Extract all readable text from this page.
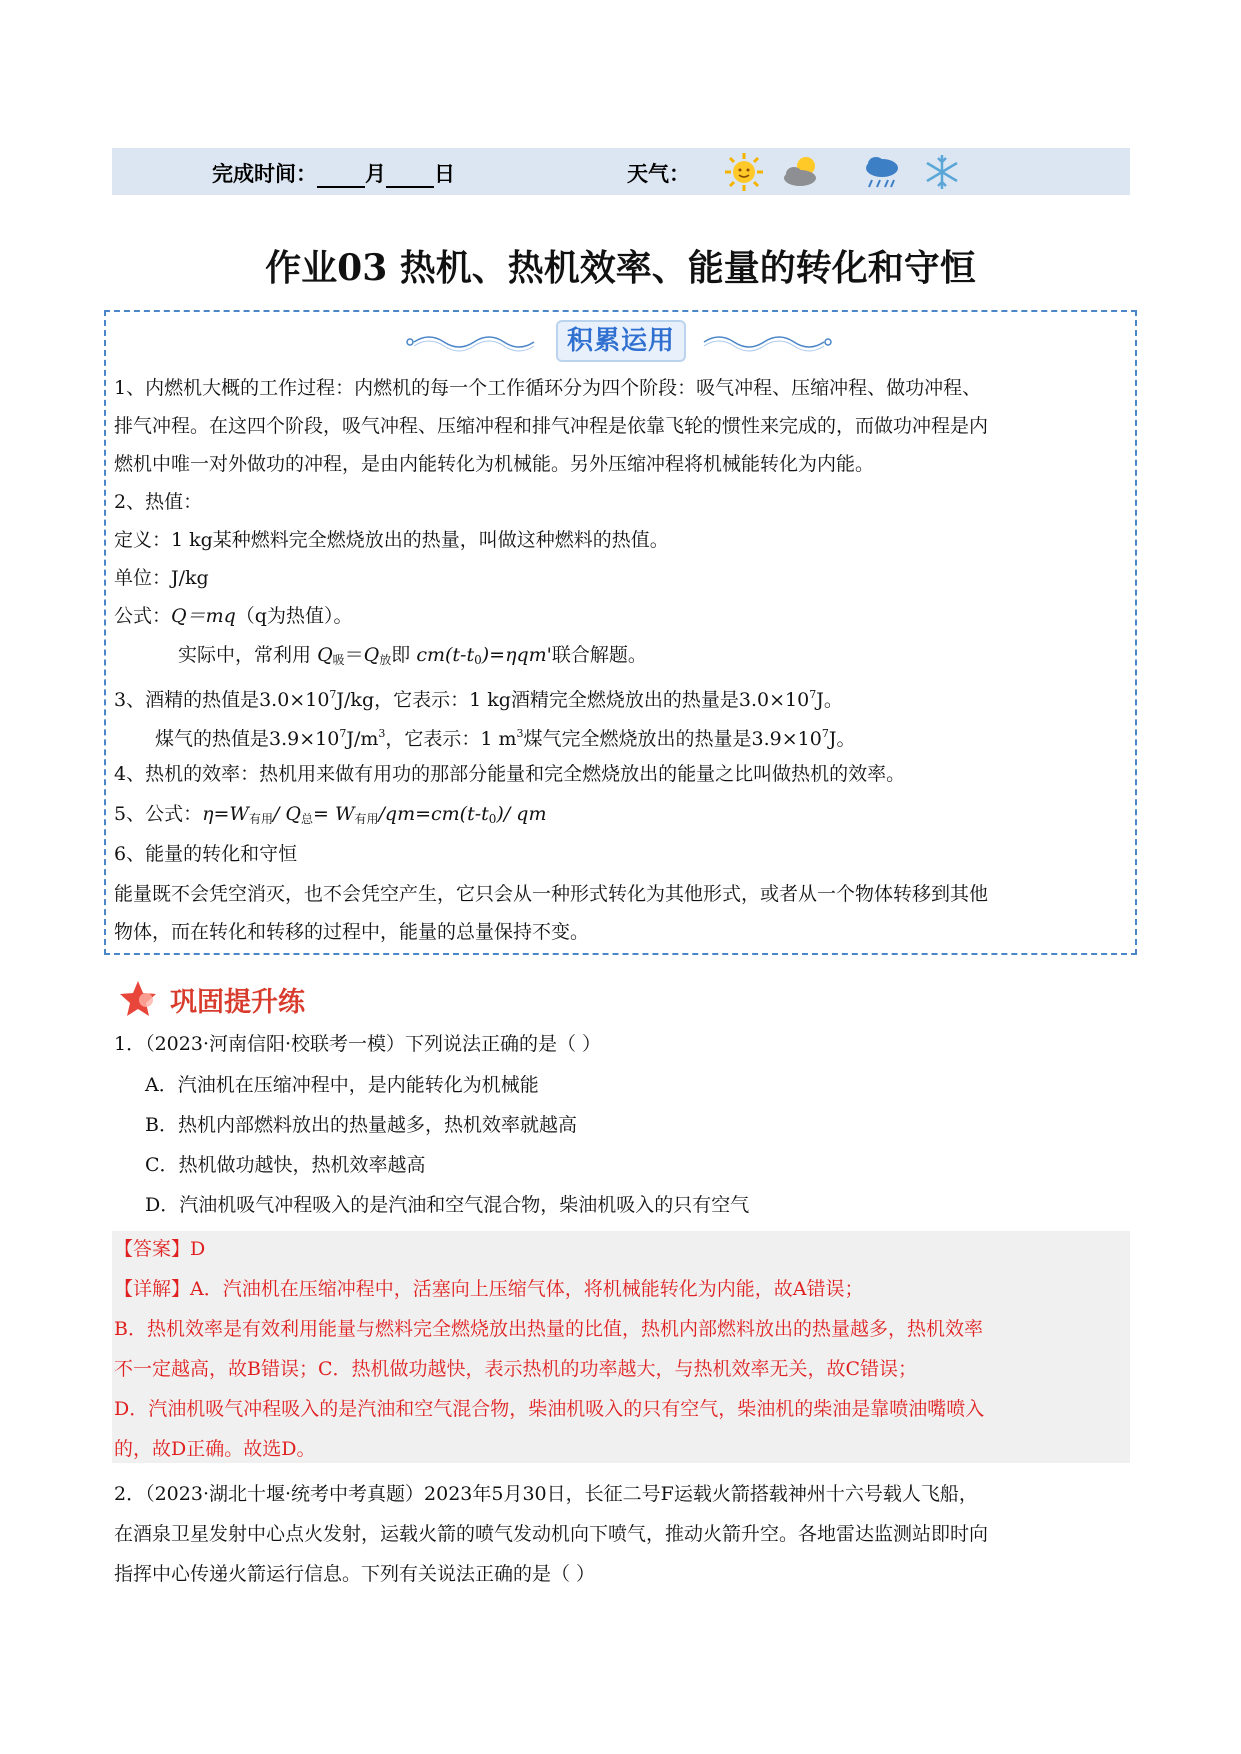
完成时间：	月 日	天气：
作业03 热机、热机效率、能量的转化和守恒
积累运用
1、内燃机大概的工作过程：内燃机的每一个工作循环分为四个阶段：吸气冲程、压缩冲程、做功冲程、
排气冲程。在这四个阶段，吸气冲程、压缩冲程和排气冲程是依靠飞轮的惯性来完成的，而做功冲程是内
燃机中唯一对外做功的冲程，是由内能转化为机械能。另外压缩冲程将机械能转化为内能。
2、热值：
定义：1 kg某种燃料完全燃烧放出的热量，叫做这种燃料的热值。
单位：J/kg
公式：Q＝mq（q为热值）。
实际中，常利用 $Q_吸=Q_放$即 $cm(t-t_0)=\eta qm'$联合解题。
3、酒精的热值是$3.0\times 10^7J/kg$，它表示：1 kg酒精完全燃烧放出的热量是$3.0\times 10^7J$。
煤气的热值是$3.9\times 10^7J/m^3$，它表示：1 $m^3$煤气完全燃烧放出的热量是$3.9\times 10^7J$。
4、热机的效率：热机用来做有用功的那部分能量和完全燃烧放出的能量之比叫做热机的效率。
5、公式：$\eta=W_{有用}/$ $Q_总= W_{有用}/qm=cm(t-t_0)/$ qm
6、能量的转化和守恒
能量既不会凭空消灭，也不会凭空产生，它只会从一种形式转化为其他形式，或者从一个物体转移到其他
物体，而在转化和转移的过程中，能量的总量保持不变。
巩固提升练
1．（2023·河南信阳·校联考一模）下列说法正确的是（ ）
A．汽油机在压缩冲程中，是内能转化为机械能
B．热机内部燃料放出的热量越多，热机效率就越高
C．热机做功越快，热机效率越高
D．汽油机吸气冲程吸入的是汽油和空气混合物，柴油机吸入的只有空气
【答案】D
【详解】A．汽油机在压缩冲程中，活塞向上压缩气体，将机械能转化为内能，故A错误；
B．热机效率是有效利用能量与燃料完全燃烧放出热量的比值，热机内部燃料放出的热量越多，热机效率
不一定越高，故B错误；C．热机做功越快，表示热机的功率越大，与热机效率无关，故C错误；
D．汽油机吸气冲程吸入的是汽油和空气混合物，柴油机吸入的只有空气，柴油机的柴油是靠喷油嘴喷入
的，故D正确。故选D。
2．（2023·湖北十堰·统考中考真题）2023年5月30日，长征二号F运载火箭搭载神州十六号载人飞船，
在酒泉卫星发射中心点火发射，运载火箭的喷气发动机向下喷气，推动火箭升空。各地雷达监测站即时向
指挥中心传递火箭运行信息。下列有关说法正确的是（ ）
